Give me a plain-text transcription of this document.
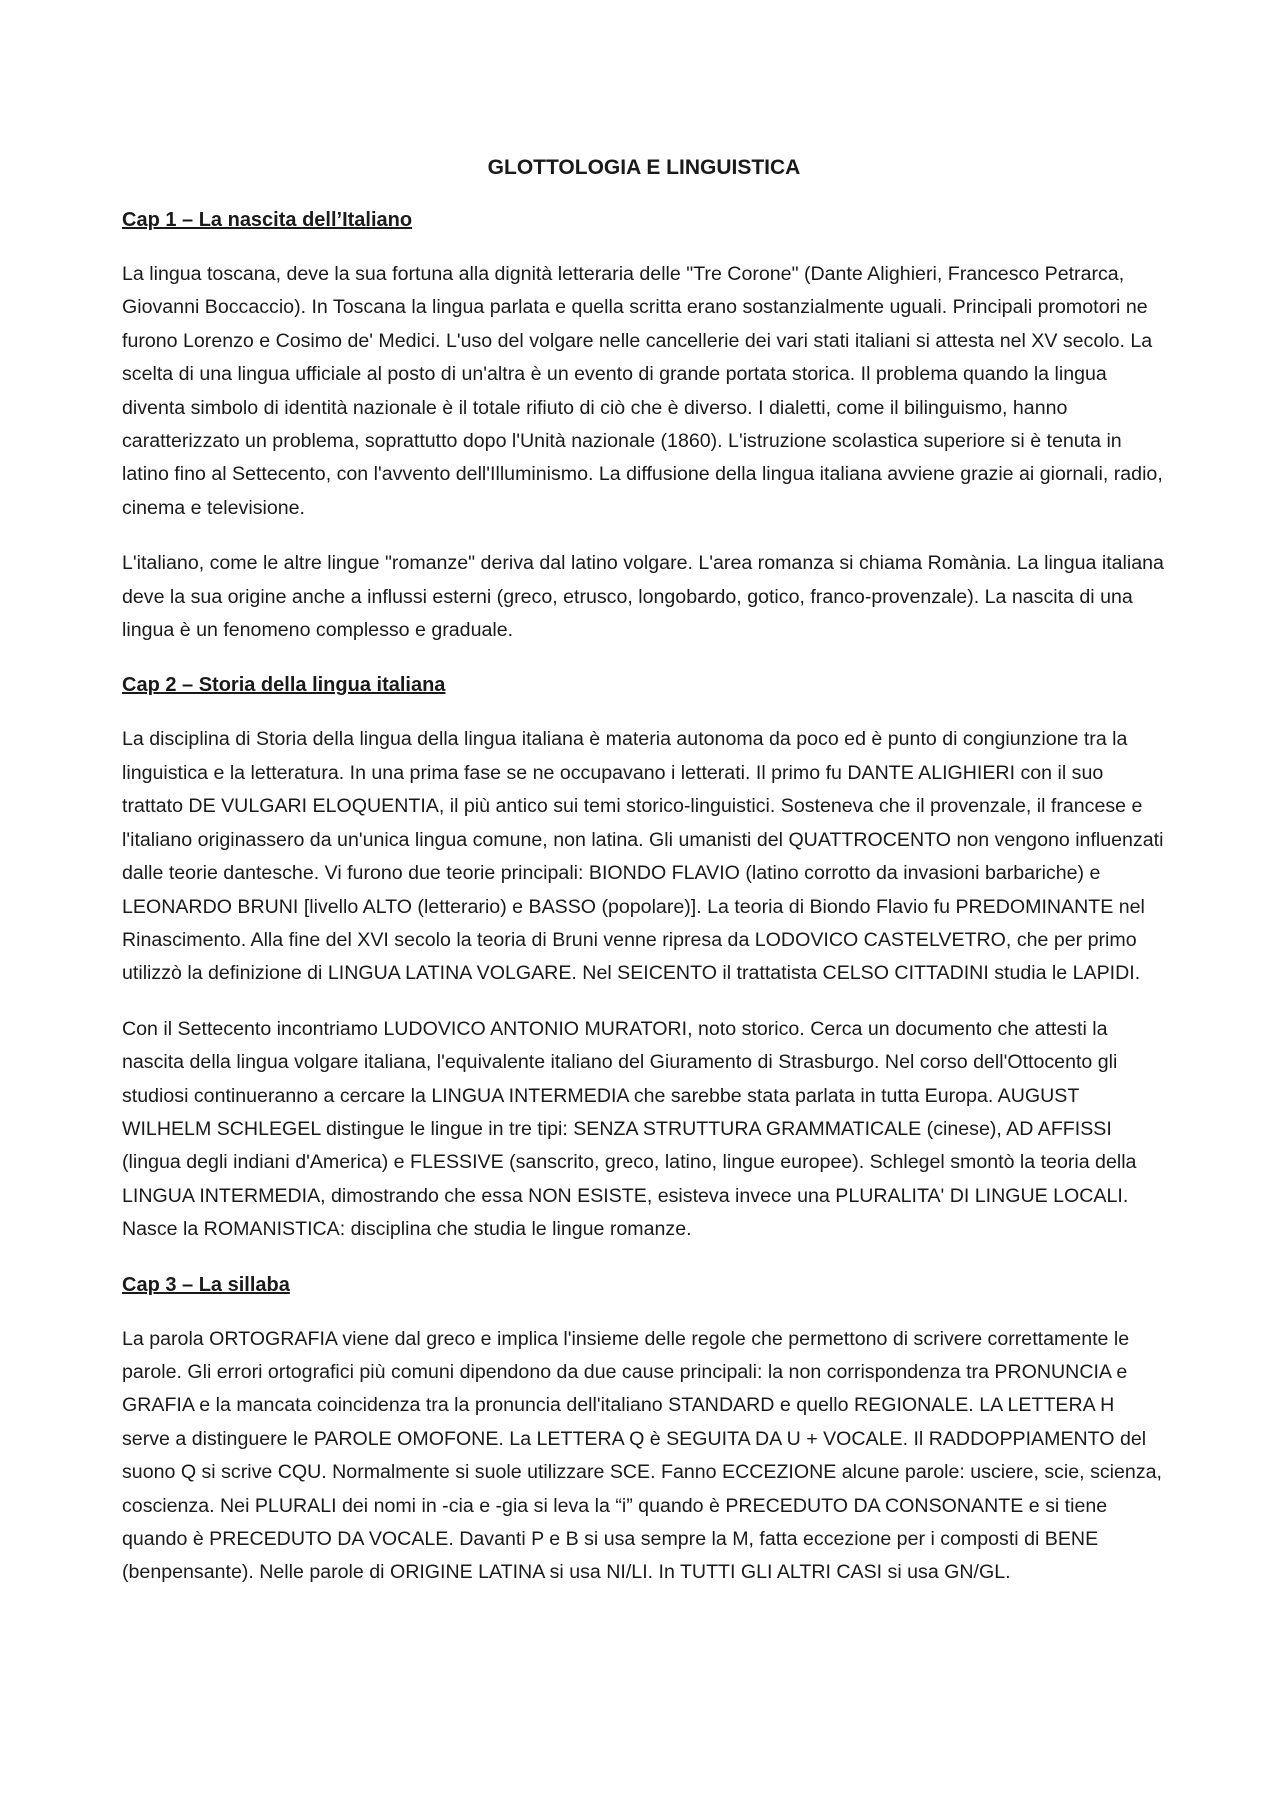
GLOTTOLOGIA E LINGUISTICA
Cap 1 – La nascita dell’Italiano

La lingua toscana, deve la sua fortuna alla dignità letteraria delle "Tre Corone" (Dante Alighieri, Francesco Petrarca, Giovanni Boccaccio). In Toscana la lingua parlata e quella scritta erano sostanzialmente uguali. Principali promotori ne furono Lorenzo e Cosimo de' Medici. L'uso del volgare nelle cancellerie dei vari stati italiani si attesta nel XV secolo. La scelta di una lingua ufficiale al posto di un'altra è un evento di grande portata storica. Il problema quando la lingua diventa simbolo di identità nazionale è il totale rifiuto di ciò che è diverso. I dialetti, come il bilinguismo, hanno caratterizzato un problema, soprattutto dopo l'Unità nazionale (1860). L'istruzione scolastica superiore si è tenuta in latino fino al Settecento, con l'avvento dell'Illuminismo. La diffusione della lingua italiana avviene grazie ai giornali, radio, cinema e televisione.

L'italiano, come le altre lingue "romanze" deriva dal latino volgare. L'area romanza si chiama Romània. La lingua italiana deve la sua origine anche a influssi esterni (greco, etrusco, longobardo, gotico, franco-provenzale). La nascita di una lingua è un fenomeno complesso e graduale.

Cap 2 – Storia della lingua italiana

La disciplina di Storia della lingua della lingua italiana è materia autonoma da poco ed è punto di congiunzione tra la linguistica e la letteratura. In una prima fase se ne occupavano i letterati. Il primo fu DANTE ALIGHIERI con il suo trattato DE VULGARI ELOQUENTIA, il più antico sui temi storico-linguistici. Sosteneva che il provenzale, il francese e l'italiano originassero da un'unica lingua comune, non latina. Gli umanisti del QUATTROCENTO non vengono influenzati dalle teorie dantesche. Vi furono due teorie principali: BIONDO FLAVIO (latino corrotto da invasioni barbariche) e LEONARDO BRUNI [livello ALTO (letterario) e BASSO (popolare)]. La teoria di Biondo Flavio fu PREDOMINANTE nel Rinascimento. Alla fine del XVI secolo la teoria di Bruni venne ripresa da LODOVICO CASTELVETRO, che per primo utilizzò la definizione di LINGUA LATINA VOLGARE. Nel SEICENTO il trattatista CELSO CITTADINI studia le LAPIDI.

Con il Settecento incontriamo LUDOVICO ANTONIO MURATORI, noto storico. Cerca un documento che attesti la nascita della lingua volgare italiana, l'equivalente italiano del Giuramento di Strasburgo. Nel corso dell'Ottocento gli studiosi continueranno a cercare la LINGUA INTERMEDIA che sarebbe stata parlata in tutta Europa. AUGUST WILHELM SCHLEGEL distingue le lingue in tre tipi: SENZA STRUTTURA GRAMMATICALE (cinese), AD AFFISSI (lingua degli indiani d'America) e FLESSIVE (sanscrito, greco, latino, lingue europee). Schlegel smontò la teoria della LINGUA INTERMEDIA, dimostrando che essa NON ESISTE, esisteva invece una PLURALITA' DI LINGUE LOCALI. Nasce la ROMANISTICA: disciplina che studia le lingue romanze.

Cap 3 – La sillaba

La parola ORTOGRAFIA viene dal greco e implica l'insieme delle regole che permettono di scrivere correttamente le parole. Gli errori ortografici più comuni dipendono da due cause principali: la non corrispondenza tra PRONUNCIA e GRAFIA e la mancata coincidenza tra la pronuncia dell'italiano STANDARD e quello REGIONALE. LA LETTERA H serve a distinguere le PAROLE OMOFONE. La LETTERA Q è SEGUITA DA U + VOCALE. Il RADDOPPIAMENTO del suono Q si scrive CQU. Normalmente si suole utilizzare SCE. Fanno ECCEZIONE alcune parole: usciere, scie, scienza, coscienza. Nei PLURALI dei nomi in -cia e -gia si leva la “i” quando è PRECEDUTO DA CONSONANTE e si tiene quando è PRECEDUTO DA VOCALE. Davanti P e B si usa sempre la M, fatta eccezione per i composti di BENE (benpensante). Nelle parole di ORIGINE LATINA si usa NI/LI. In TUTTI GLI ALTRI CASI si usa GN/GL.
